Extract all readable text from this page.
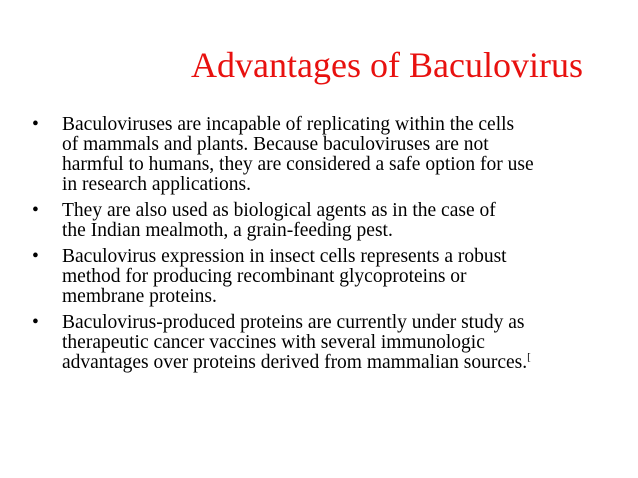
Advantages of Baculovirus
•	Baculoviruses are incapable of replicating within the cells
of mammals and plants. Because baculoviruses are not
harmful to humans, they are considered a safe option for use
in research applications.
•	They are also used as biological agents as in the case of
the Indian mealmoth, a grain-feeding pest.
•	Baculovirus expression in insect cells represents a robust
method for producing recombinant glycoproteins or
membrane proteins.
•	Baculovirus-produced proteins are currently under study as
therapeutic cancer vaccines with several immunologic
advantages over proteins derived from mammalian sources.[
